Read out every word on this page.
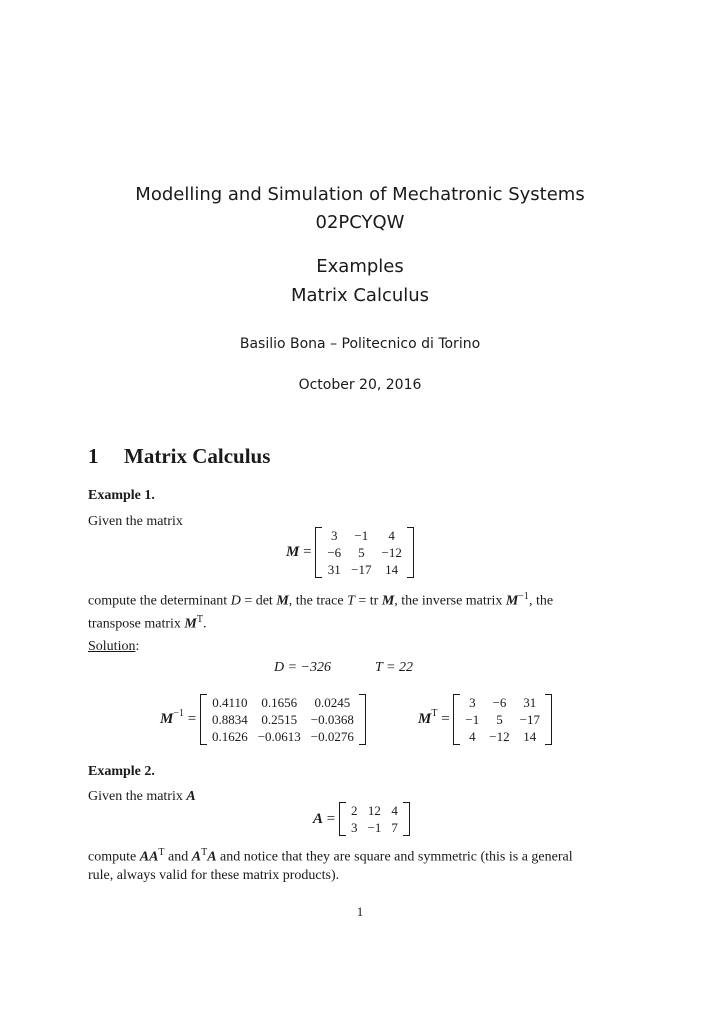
Modelling and Simulation of Mechatronic Systems
02PCYQW
Examples
Matrix Calculus
Basilio Bona – Politecnico di Torino
October 20, 2016
1 Matrix Calculus
Example 1.
Given the matrix
M =
3	−1	4
−6	5	−12
31	−17	14
compute the determinant D = det M, the trace T = tr M, the inverse matrix $M^{-1}$, the
transpose matrix $M^T$.
Solution:
D = −326	T = 22
$M^{-1}$ =
0.4110	0.1656	0.0245
0.8834	0.2515	−0.0368
0.1626	−0.0613	−0.0276
$M^T$ =
3	−6	31
−1	5	−17
4	−12	14
Example 2.
Given the matrix A
A = 2	12	4
3	−1	7
compute $AA^T$ and $A^TA$ and notice that they are square and symmetric (this is a general
rule, always valid for these matrix products).
1
